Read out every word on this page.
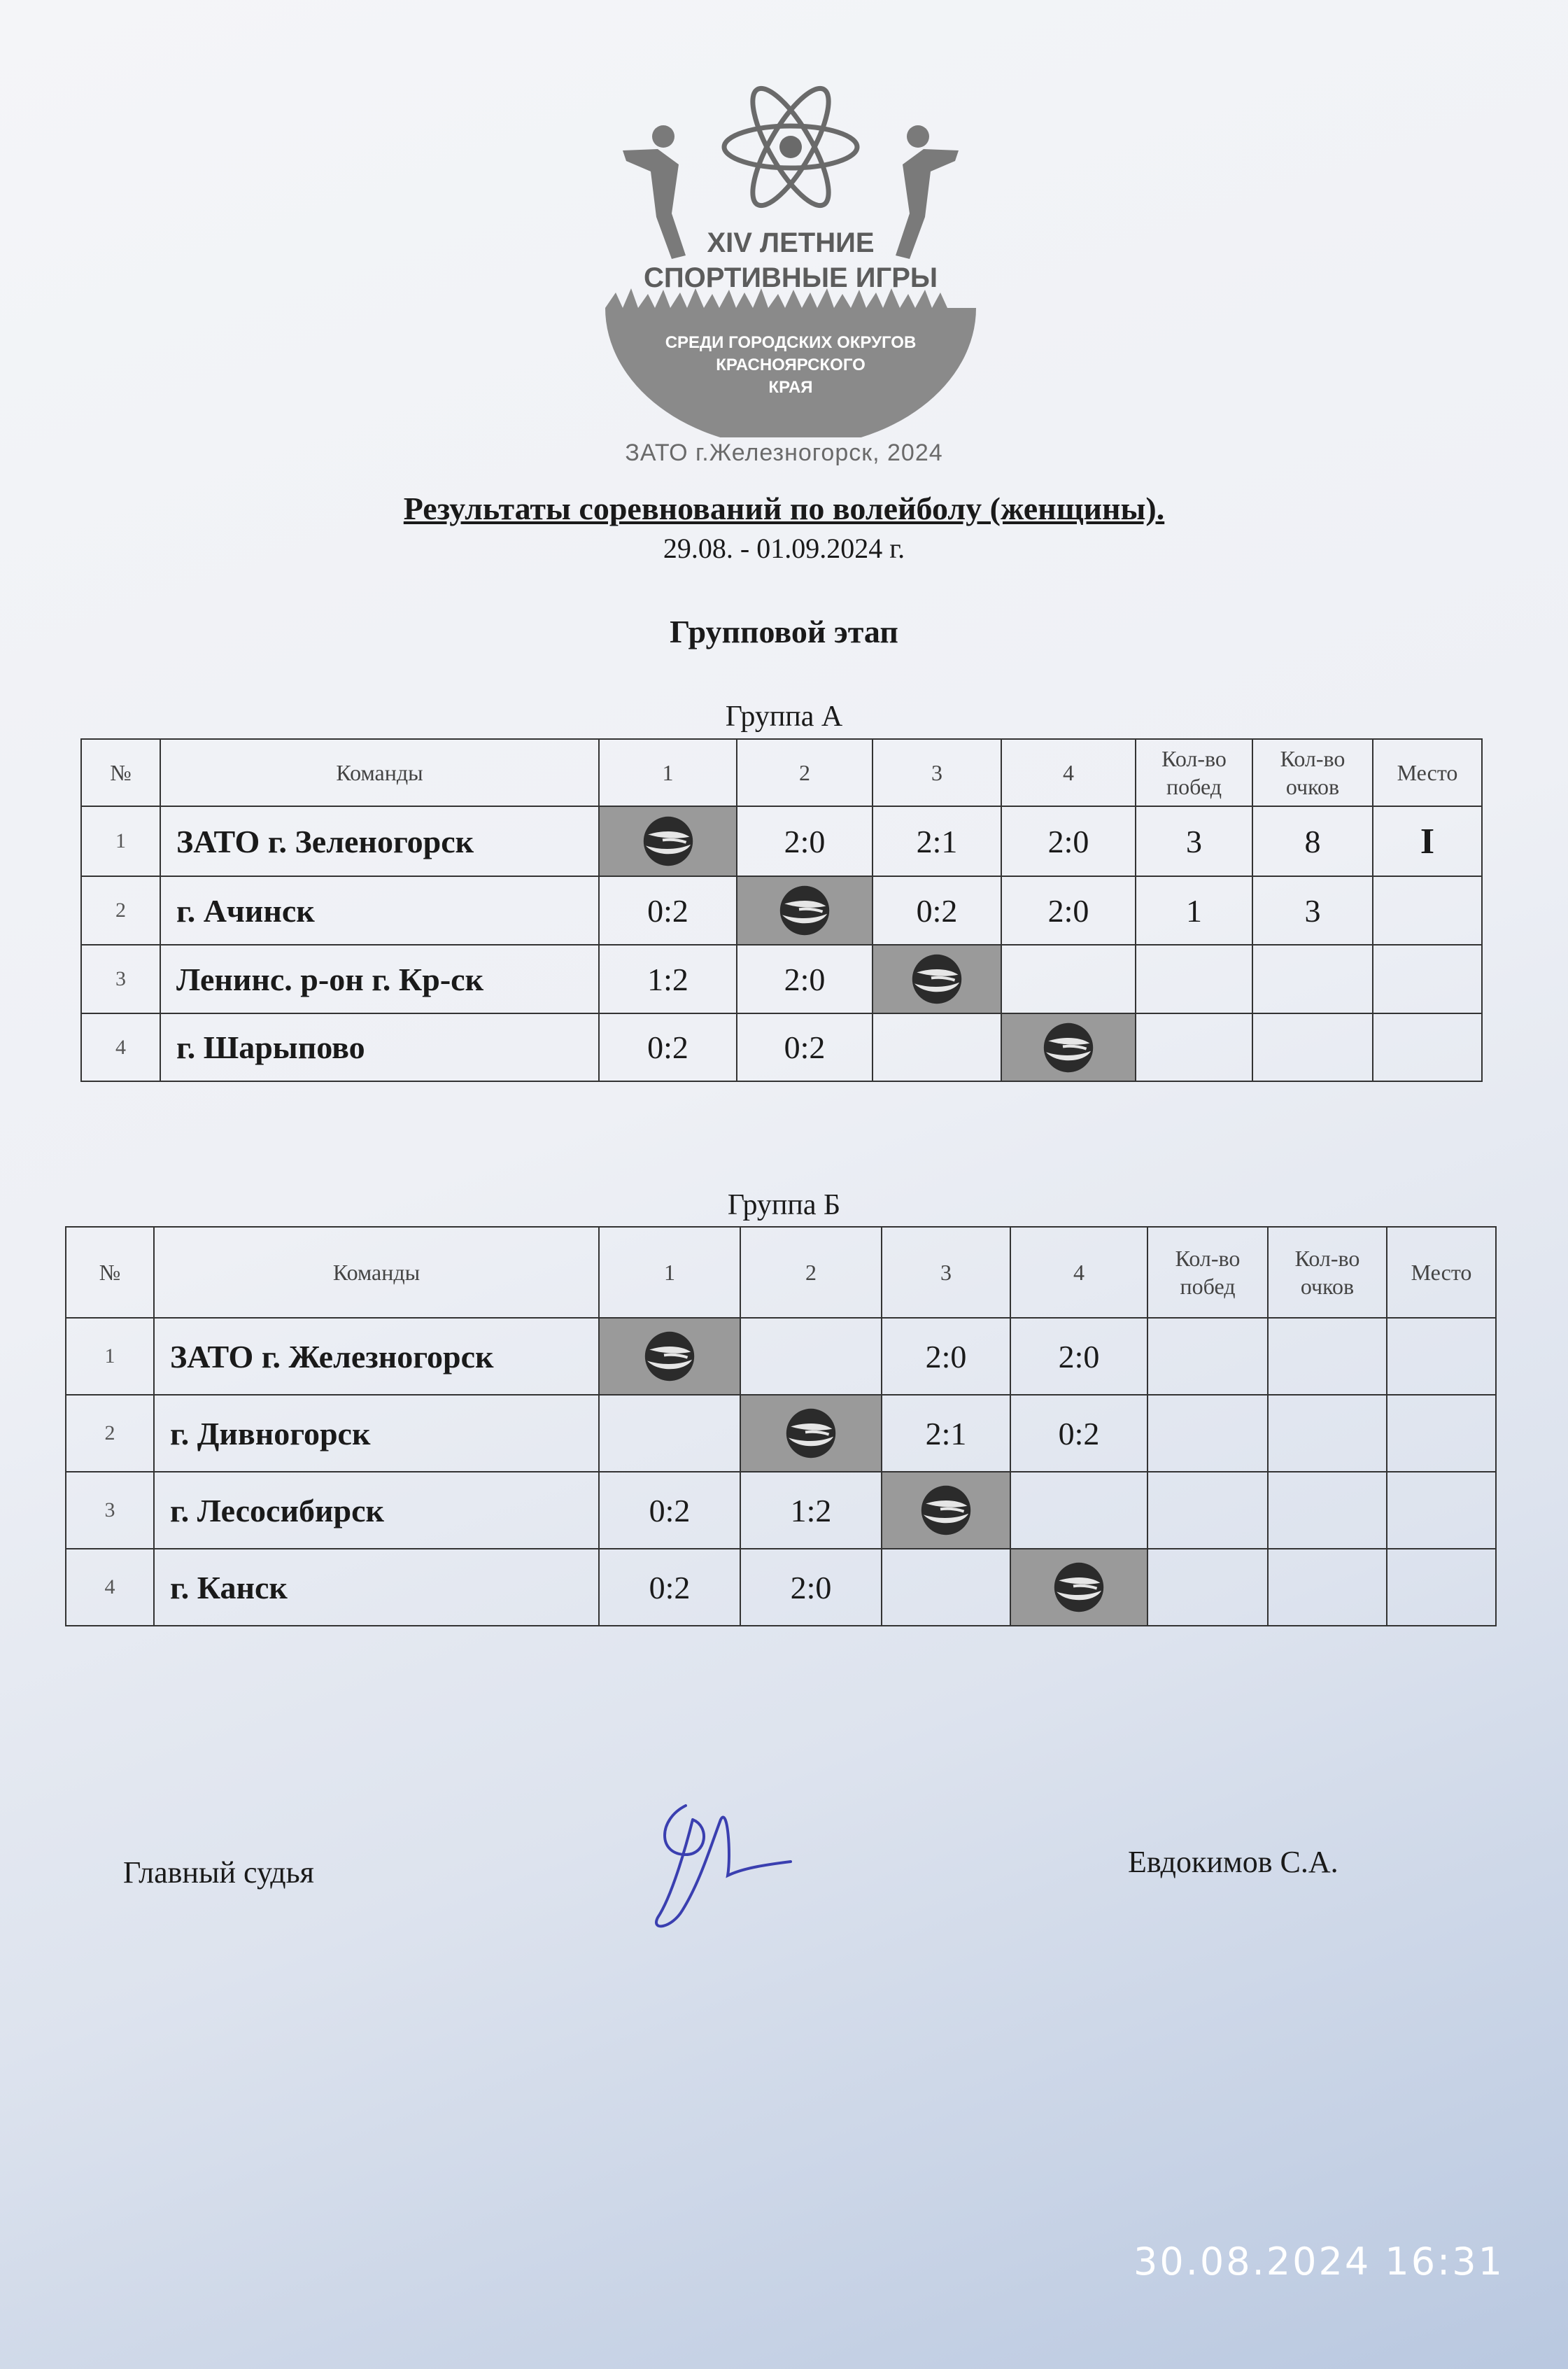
XIV ЛЕТНИЕ
СПОРТИВНЫЕ ИГРЫ
СРЕДИ ГОРОДСКИХ ОКРУГОВ
КРАСНОЯРСКОГО
КРАЯ
ЗАТО г.Железногорск, 2024
Результаты соревнований по волейболу (женщины).
29.08. - 01.09.2024 г.
Групповой этап
Группа А
№	Команды	1	2	3	4	Кол-во побед	Кол-во очков	Место
1	ЗАТО г. Зеленогорск		2:0	2:1	2:0	3	8	I
2	г. Ачинск	0:2		0:2	2:0	1	3	
3	Ленинс. р-он г. Кр-ск	1:2	2:0	

4	г. Шарыпово	0:2	0:2		

Группа Б
№	Команды	1	2	3	4	Кол-во побед	Кол-во очков	Место
1	ЗАТО г. Железногорск			2:0	2:0			
2	г. Дивногорск			2:1	0:2			
3	г. Лесосибирск	0:2	1:2	

4	г. Канск	0:2	2:0		

Главный судья	Евдокимов С.А.
30.08.2024 16:31
